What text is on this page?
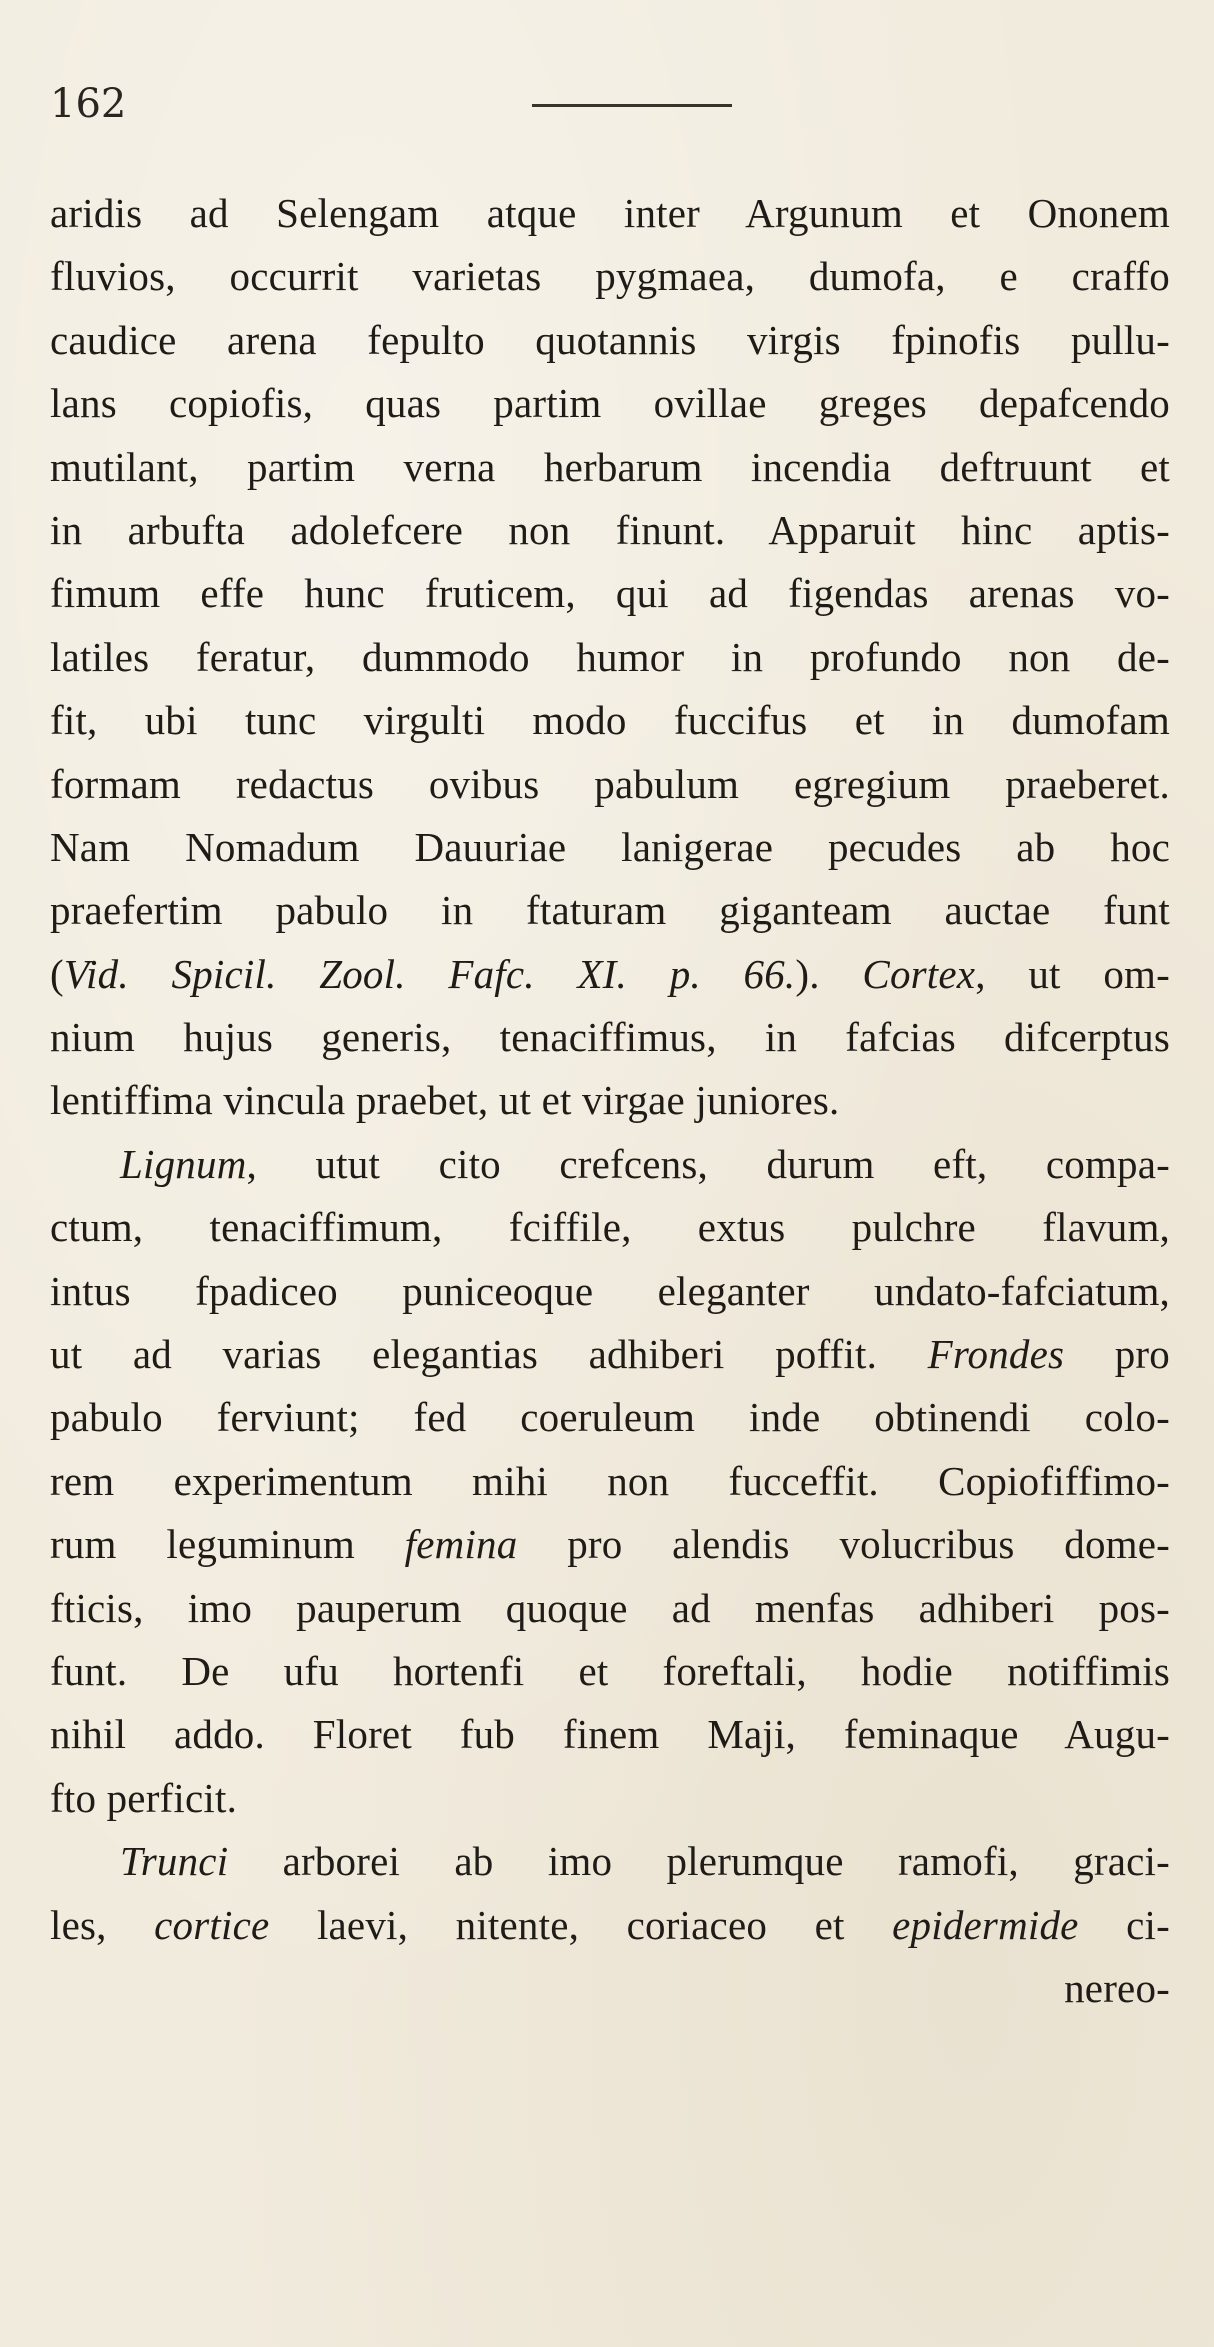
162
aridis ad Selengam atque inter Argunum et Ononem
fluvios, occurrit varietas pygmaea, dumofa, e craffo
caudice arena fepulto quotannis virgis fpinofis pullu-
lans copiofis, quas partim ovillae greges depafcendo
mutilant, partim verna herbarum incendia deftruunt et
in arbufta adolefcere non finunt. Apparuit hinc aptis-
fimum effe hunc fruticem, qui ad figendas arenas vo-
latiles feratur, dummodo humor in profundo non de-
fit, ubi tunc virgulti modo fuccifus et in dumofam
formam redactus ovibus pabulum egregium praeberet.
Nam Nomadum Dauuriae lanigerae pecudes ab hoc
praefertim pabulo in ftaturam giganteam auctae funt
(Vid. Spicil. Zool. Fafc. XI. p. 66.). Cortex, ut om-
nium hujus generis, tenaciffimus, in fafcias difcerptus
lentiffima vincula praebet, ut et virgae juniores.
Lignum, utut cito crefcens, durum eft, compa-
ctum, tenaciffimum, fciffile, extus pulchre flavum,
intus fpadiceo puniceoque eleganter undato-fafciatum,
ut ad varias elegantias adhiberi poffit. Frondes pro
pabulo ferviunt; fed coeruleum inde obtinendi colo-
rem experimentum mihi non fucceffit. Copiofiffimo-
rum leguminum femina pro alendis volucribus dome-
fticis, imo pauperum quoque ad menfas adhiberi pos-
funt. De ufu hortenfi et foreftali, hodie notiffimis
nihil addo. Floret fub finem Maji, feminaque Augu-
fto perficit.
Trunci arborei ab imo plerumque ramofi, graci-
les, cortice laevi, nitente, coriaceo et epidermide ci-
nereo-
